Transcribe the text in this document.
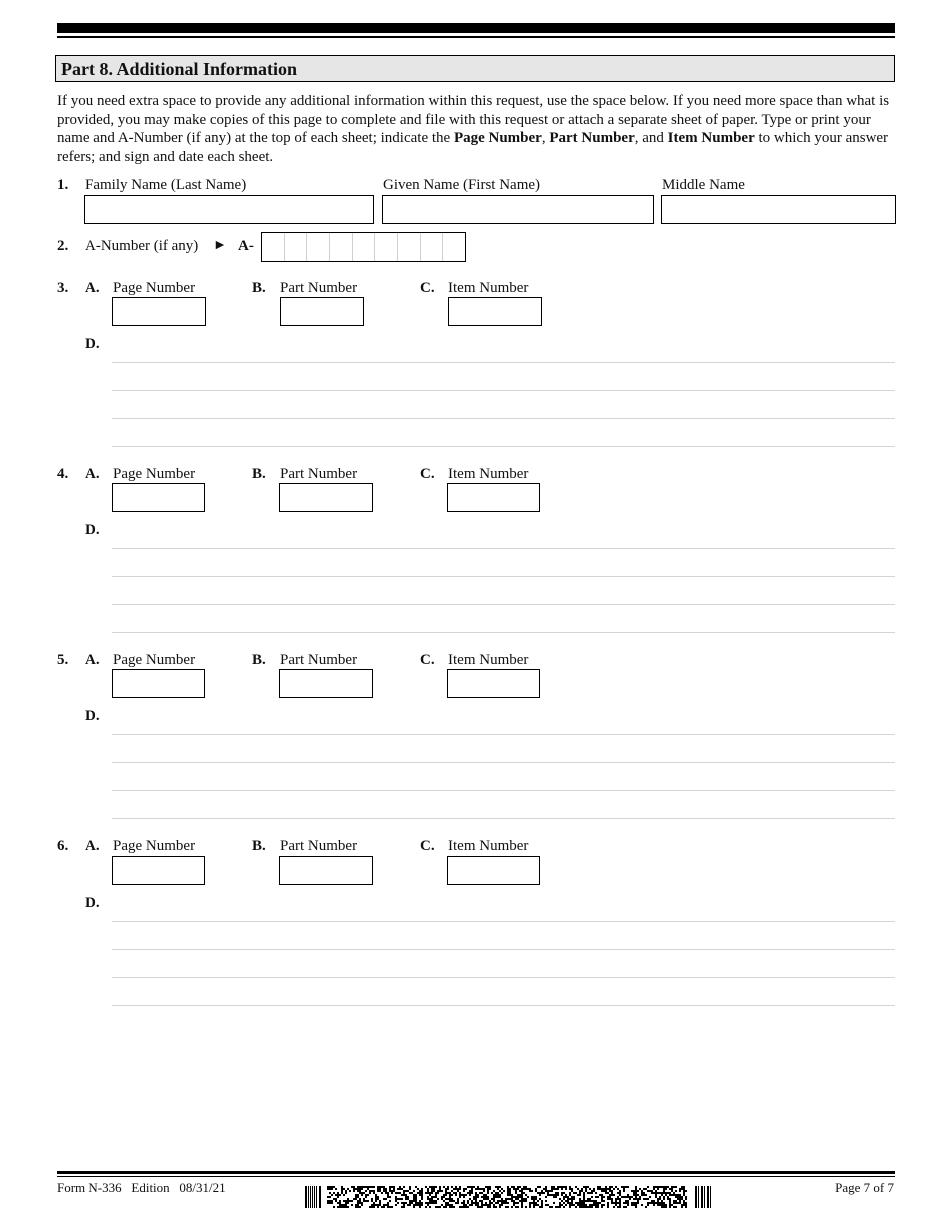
Part 8. Additional Information
If you need extra space to provide any additional information within this request, use the space below. If you need more space than what is provided, you may make copies of this page to complete and file with this request or attach a separate sheet of paper. Type or print your name and A-Number (if any) at the top of each sheet; indicate the Page Number, Part Number, and Item Number to which your answer refers; and sign and date each sheet.
1. Family Name (Last Name)	Given Name (First Name)	Middle Name
2. A-Number (if any) ► A-
3. A. Page Number	B. Part Number	C. Item Number
D.
4. A. Page Number	B. Part Number	C. Item Number
D.
5. A. Page Number	B. Part Number	C. Item Number
D.
6. A. Page Number	B. Part Number	C. Item Number
D.
Form N-336   Edition   08/31/21	Page 7 of 7
